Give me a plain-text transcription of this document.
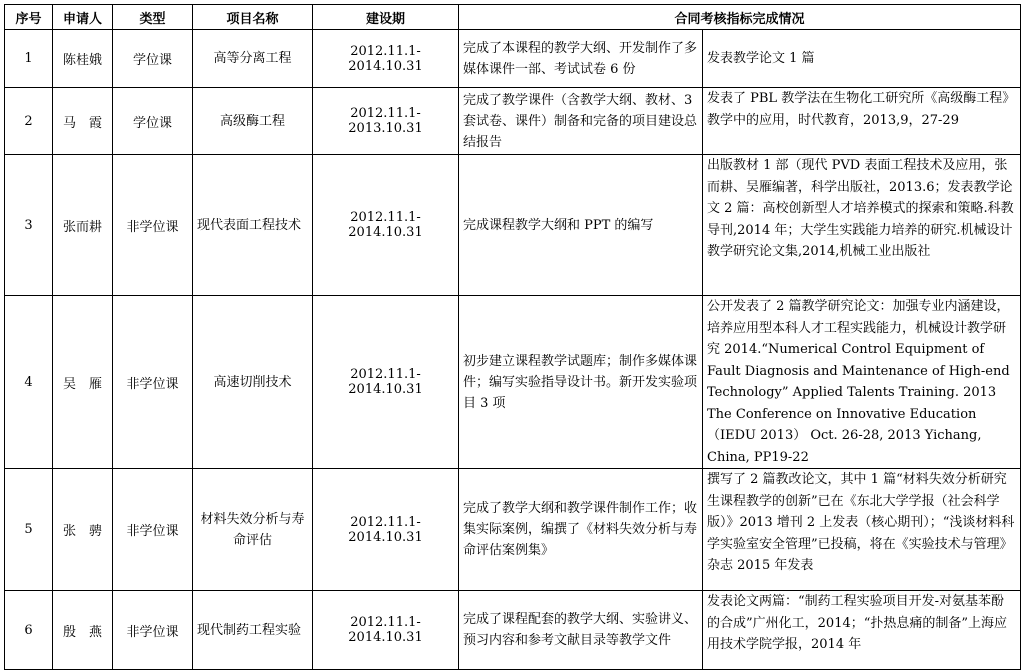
序号	申请人	类型	项目名称	建设期	合同考核指标完成情况	
1	陈桂娥	学位课	高等分离工程	2012.11.1-2014.10.31	完成了本课程的教学大纲、开发制作了多媒体课件一部、考试试卷 6 份	发表教学论文 1 篇
2	马　霞	学位课	高级酶工程	2012.11.1-2013.10.31	完成了教学课件（含教学大纲、教材、3 套试卷、课件）制备和完备的项目建设总结报告	发表了 PBL 教学法在生物化工研究所《高级酶工程》教学中的应用，时代教育，2013,9，27-29
3	张而耕	非学位课	现代表面工程技术	2012.11.1-2014.10.31	完成课程教学大纲和 PPT 的编写	出版教材 1 部（现代 PVD 表面工程技术及应用，张而耕、吴雁编著，科学出版社，2013.6；发表教学论文 2 篇：高校创新型人才培养模式的探索和策略.科教导刊,2014 年；大学生实践能力培养的研究.机械设计教学研究论文集,2014,机械工业出版社
4	吴　雁	非学位课	高速切削技术	2012.11.1-2014.10.31	初步建立课程教学试题库；制作多媒体课件；编写实验指导设计书。新开发实验项目 3 项	公开发表了 2 篇教学研究论文：加强专业内涵建设，培养应用型本科人才工程实践能力，机械设计教学研究 2014.“Numerical Control Equipment of Fault Diagnosis and Maintenance of High-end Technology” Applied Talents Training. 2013 The Conference on Innovative Education （IEDU 2013） Oct. 26-28, 2013 Yichang, China, PP19-22
5	张　骋	非学位课	材料失效分析与寿命评估	2012.11.1-2014.10.31	完成了教学大纲和教学课件制作工作；收集实际案例，编撰了《材料失效分析与寿命评估案例集》	撰写了 2 篇教改论文，其中 1 篇“材料失效分析研究生课程教学的创新”已在《东北大学学报（社会科学版）》2013 增刊 2 上发表（核心期刊）；“浅谈材料科学实验室安全管理”已投稿，将在《实验技术与管理》杂志 2015 年发表
6	殷　燕	非学位课	现代制药工程实验	2012.11.1-2014.10.31	完成了课程配套的教学大纲、实验讲义、预习内容和参考文献目录等教学文件	发表论文两篇：“制药工程实验项目开发-对氨基苯酚的合成”广州化工，2014；“扑热息痛的制备”上海应用技术学院学报，2014 年
